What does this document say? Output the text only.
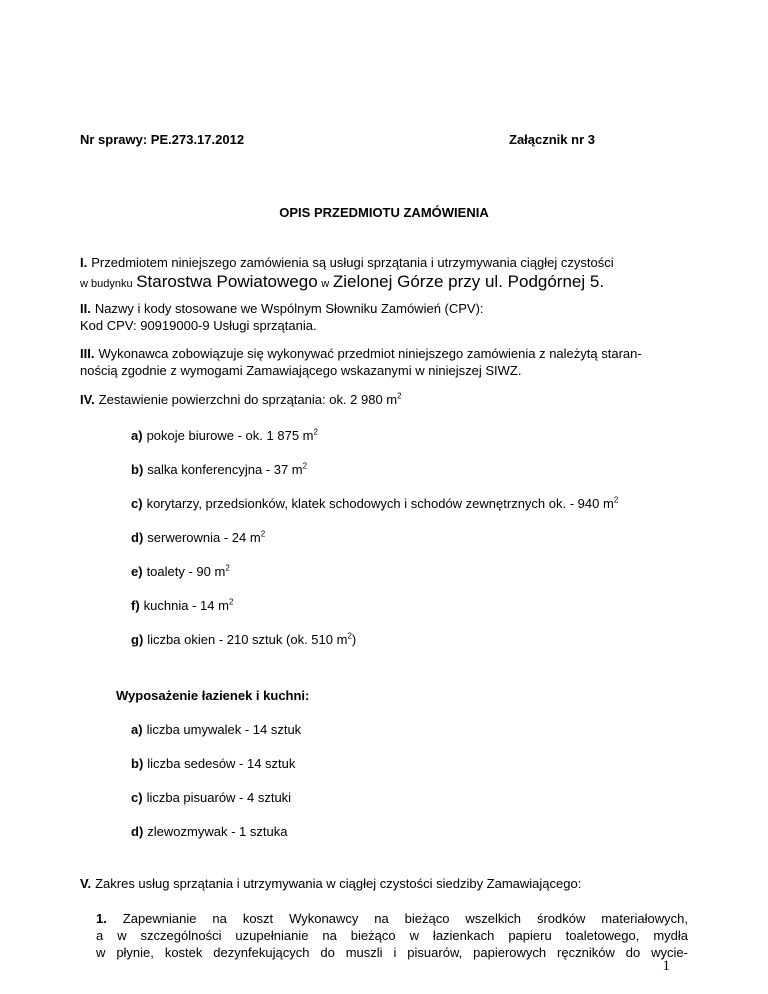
Nr sprawy: PE.273.17.2012	Załącznik nr 3
OPIS PRZEDMIOTU ZAMÓWIENIA
I. Przedmiotem niniejszego zamówienia są usługi sprzątania i utrzymywania ciągłej czystości
w budynku Starostwa Powiatowego w Zielonej Górze przy ul. Podgórnej 5.
II. Nazwy i kody stosowane we Wspólnym Słowniku Zamówień (CPV):
Kod CPV: 90919000-9 Usługi sprzątania.
III. Wykonawca zobowiązuje się wykonywać przedmiot niniejszego zamówienia z należytą staran-
nością zgodnie z wymogami Zamawiającego wskazanymi w niniejszej SIWZ.
IV. Zestawienie powierzchni do sprzątania: ok. 2 980 $m^2$
a) pokoje biurowe - ok. 1 875 $m^2$
b) salka konferencyjna - 37 $m^2$
c) korytarzy, przedsionków, klatek schodowych i schodów zewnętrznych ok. - 940 $m^2$
d) serwerownia - 24 $m^2$
e) toalety - 90 $m^2$
f) kuchnia - 14 $m^2$
g) liczba okien - 210 sztuk (ok. 510 $m^2$)
Wyposażenie łazienek i kuchni:
a) liczba umywalek - 14 sztuk
b) liczba sedesów - 14 sztuk
c) liczba pisuarów - 4 sztuki
d) zlewozmywak - 1 sztuka
V. Zakres usług sprzątania i utrzymywania w ciągłej czystości siedziby Zamawiającego:
1. Zapewnianie na koszt Wykonawcy na bieżąco wszelkich środków materiałowych,
a w szczególności uzupełnianie na bieżąco w łazienkach papieru toaletowego, mydła
w płynie, kostek dezynfekujących do muszli i pisuarów, papierowych ręczników do wycie-
1
